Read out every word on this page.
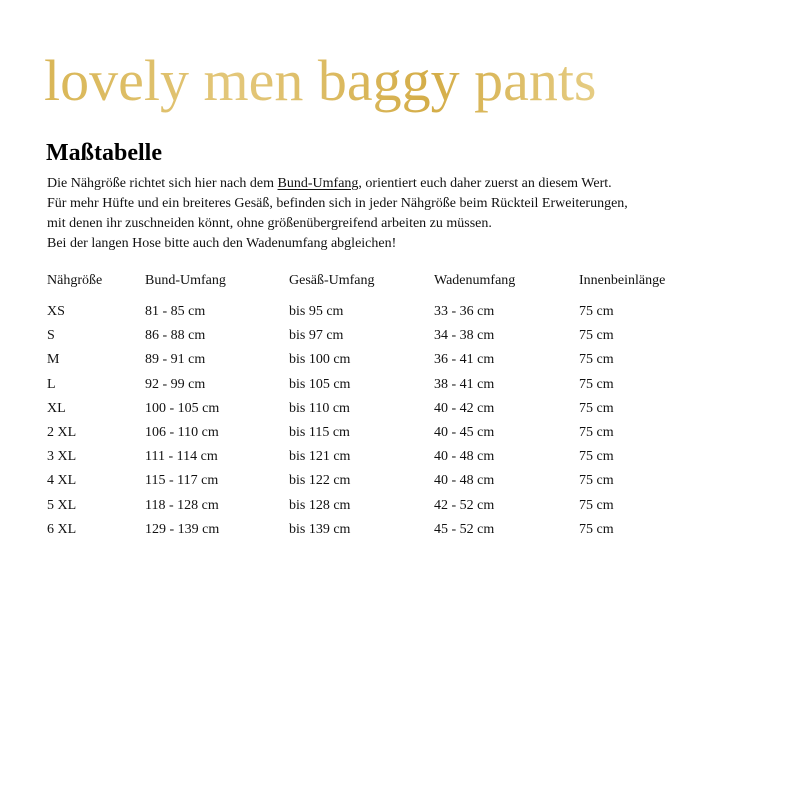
lovely men baggy pants
Maßtabelle

Die Nähgröße richtet sich hier nach dem Bund-Umfang, orientiert euch daher zuerst an diesem Wert.

Für mehr Hüfte und ein breiteres Gesäß, befinden sich in jeder Nähgröße beim Rückteil Erweiterungen,

mit denen ihr zuschneiden könnt, ohne größenübergreifend arbeiten zu müssen.

Bei der langen Hose bitte auch den Wadenumfang abgleichen!

Nähgröße	Bund-Umfang	Gesäß-Umfang	Wadenumfang	Innenbeinlänge
XS	81 - 85 cm	bis 95 cm	33 - 36 cm	75 cm
S	86 - 88 cm	bis 97 cm	34 - 38 cm	75 cm
M	89 - 91 cm	bis 100 cm	36 - 41 cm	75 cm
L	92 - 99 cm	bis 105 cm	38 - 41 cm	75 cm
XL	100 - 105 cm	bis 110 cm	40 - 42 cm	75 cm
2 XL	106 - 110 cm	bis 115 cm	40 - 45 cm	75 cm
3 XL	111 - 114 cm	bis 121 cm	40 - 48 cm	75 cm
4 XL	115 - 117 cm	bis 122 cm	40 - 48 cm	75 cm
5 XL	118 - 128 cm	bis 128 cm	42 - 52 cm	75 cm
6 XL	129 - 139 cm	bis 139 cm	45 - 52 cm	75 cm
